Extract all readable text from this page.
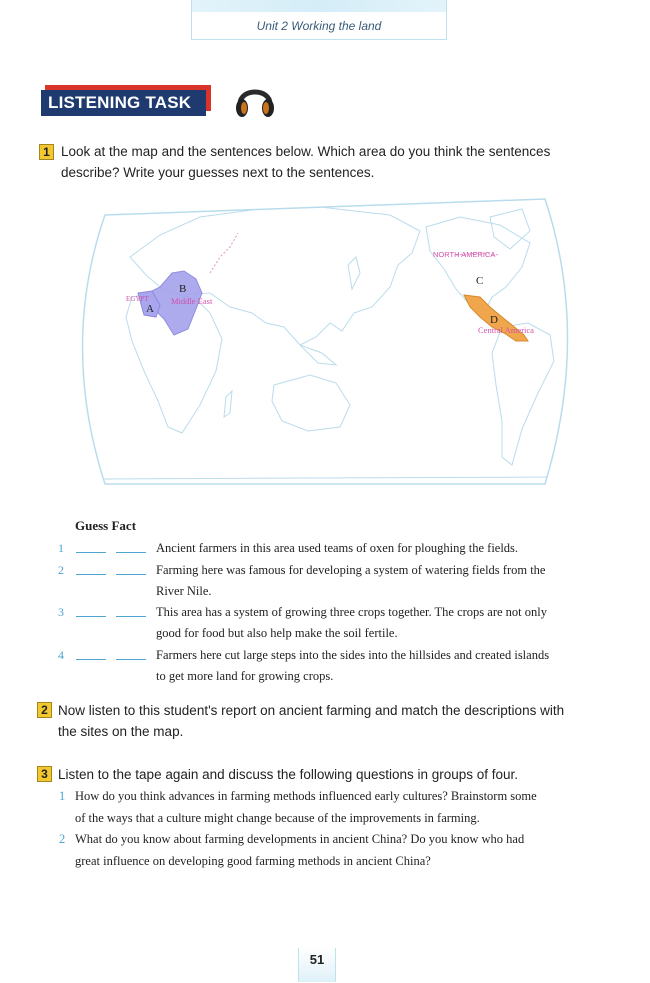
Unit 2 Working the land
LISTENING TASK
1 Look at the map and the sentences below. Which area do you think the sentences
describe? Write your guesses next to the sentences.
EGYPT
A
B
Middle East
NORTH AMERICA
C
D
Central America
Guess Fact
1	Ancient farmers in this area used teams of oxen for ploughing the fields.
2	Farming here was famous for developing a system of watering fields from the
River Nile.
3	This area has a system of growing three crops together. The crops are not only
good for food but also help make the soil fertile.
4	Farmers here cut large steps into the sides into the hillsides and created islands
to get more land for growing crops.
2 Now listen to this student's report on ancient farming and match the descriptions with
the sites on the map.
3 Listen to the tape again and discuss the following questions in groups of four.
1 How do you think advances in farming methods influenced early cultures? Brainstorm some
of the ways that a culture might change because of the improvements in farming.
2 What do you know about farming developments in ancient China? Do you know who had
great influence on developing good farming methods in ancient China?
51
